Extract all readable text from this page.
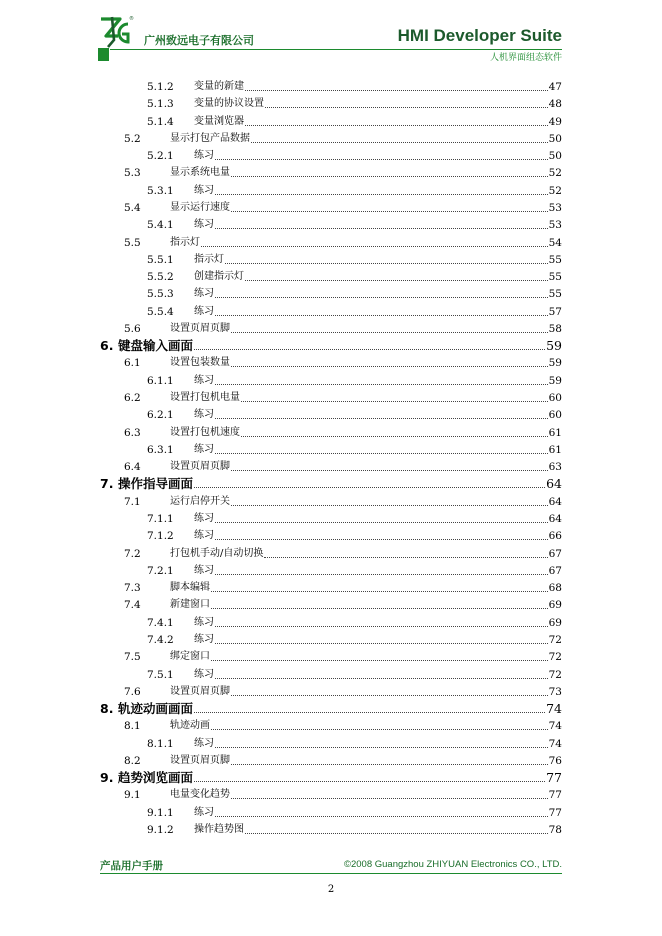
®
广州致远电子有限公司	HMI Developer Suite
人机界面组态软件
5.1.2 变量的新建	47
5.1.3 变量的协议设置	48
5.1.4 变量浏览器	49
5.2	显示打包产品数据	50
5.2.1 练习	50
5.3	显示系统电量	52
5.3.1 练习	52
5.4	显示运行速度	53
5.4.1 练习	53
5.5	指示灯	54
5.5.1 指示灯	55
5.5.2 创建指示灯	55
5.5.3 练习	55
5.5.4 练习	57
5.6	设置页眉页脚	58
6. 键盘输入画面	59
6.1	设置包装数量	59
6.1.1 练习	59
6.2	设置打包机电量	60
6.2.1 练习	60
6.3	设置打包机速度	61
6.3.1 练习	61
6.4	设置页眉页脚	63
7. 操作指导画面	64
7.1	运行启停开关	64
7.1.1 练习	64
7.1.2 练习	66
7.2	打包机手动/自动切换	67
7.2.1 练习	67
7.3	脚本编辑	68
7.4	新建窗口	69
7.4.1 练习	69
7.4.2 练习	72
7.5	绑定窗口	72
7.5.1 练习	72
7.6	设置页眉页脚	73
8. 轨迹动画画面	74
8.1	轨迹动画	74
8.1.1 练习	74
8.2	设置页眉页脚	76
9. 趋势浏览画面	77
9.1	电量变化趋势	77
9.1.1 练习	77
9.1.2 操作趋势图	78
产品用户手册	©2008 Guangzhou ZHIYUAN Electronics CO., LTD.
2
